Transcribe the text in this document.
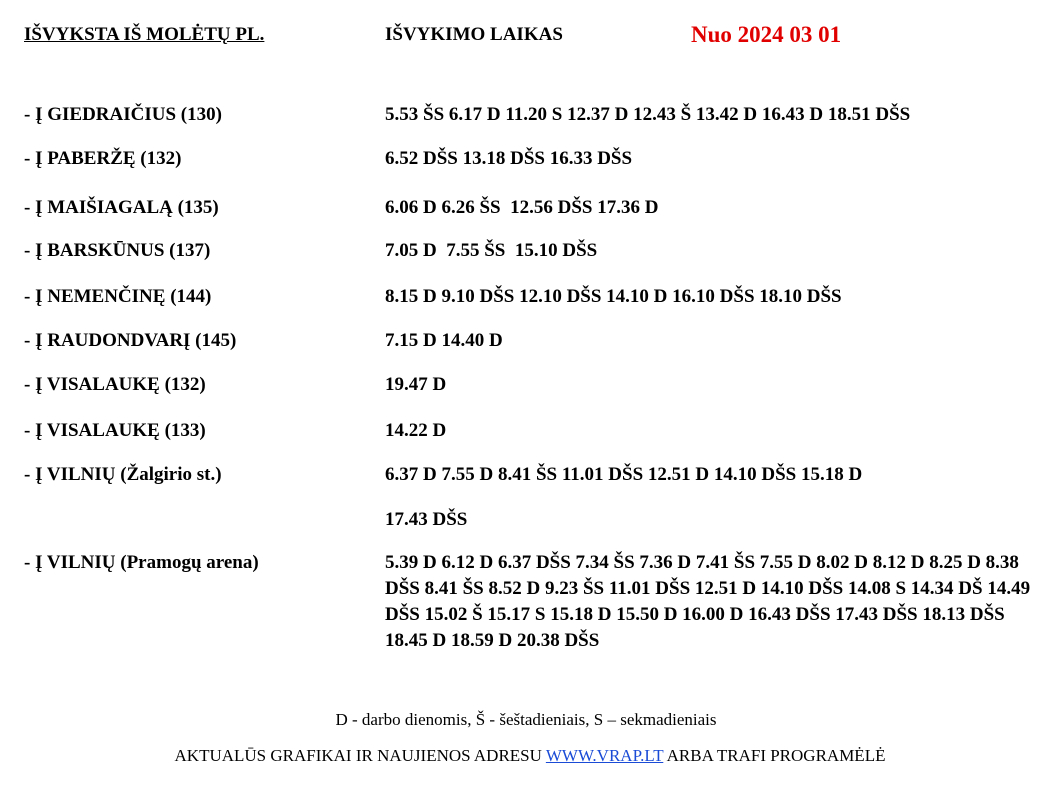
IŠVYKSTA IŠ MOLĖTŲ PL.	IŠVYKIMO LAIKAS	Nuo 2024 03 01
- Į GIEDRAIČIUS (130)	5.53 ŠS 6.17 D 11.20 S 12.37 D 12.43 Š 13.42 D 16.43 D 18.51 DŠS
- Į PABERŽĘ (132)	6.52 DŠS 13.18 DŠS 16.33 DŠS
- Į MAIŠIAGALĄ (135)	6.06 D 6.26 ŠS  12.56 DŠS 17.36 D
- Į BARSKŪNUS (137)	7.05 D  7.55 ŠS  15.10 DŠS
- Į NEMENČINĘ (144)	8.15 D 9.10 DŠS 12.10 DŠS 14.10 D 16.10 DŠS 18.10 DŠS
- Į RAUDONDVARĮ (145)	7.15 D 14.40 D
- Į VISALAUKĘ (132)	19.47 D
- Į VISALAUKĘ (133)	14.22 D
- Į VILNIŲ (Žalgirio st.)	6.37 D 7.55 D 8.41 ŠS 11.01 DŠS 12.51 D 14.10 DŠS 15.18 D
17.43 DŠS
- Į VILNIŲ (Pramogų arena)	5.39 D 6.12 D 6.37 DŠS 7.34 ŠS 7.36 D 7.41 ŠS 7.55 D 8.02 D 8.12 D 8.25 D 8.38 DŠS 8.41 ŠS 8.52 D 9.23 ŠS 11.01 DŠS 12.51 D 14.10 DŠS 14.08 S 14.34 DŠ 14.49 DŠS 15.02 Š 15.17 S 15.18 D 15.50 D 16.00 D 16.43 DŠS 17.43 DŠS 18.13 DŠS 18.45 D 18.59 D 20.38 DŠS
D - darbo dienomis, Š - šeštadieniais, S – sekmadieniais
AKTUALŪS GRAFIKAI IR NAUJIENOS ADRESU WWW.VRAP.LT ARBA TRAFI PROGRAMĖLĖ
